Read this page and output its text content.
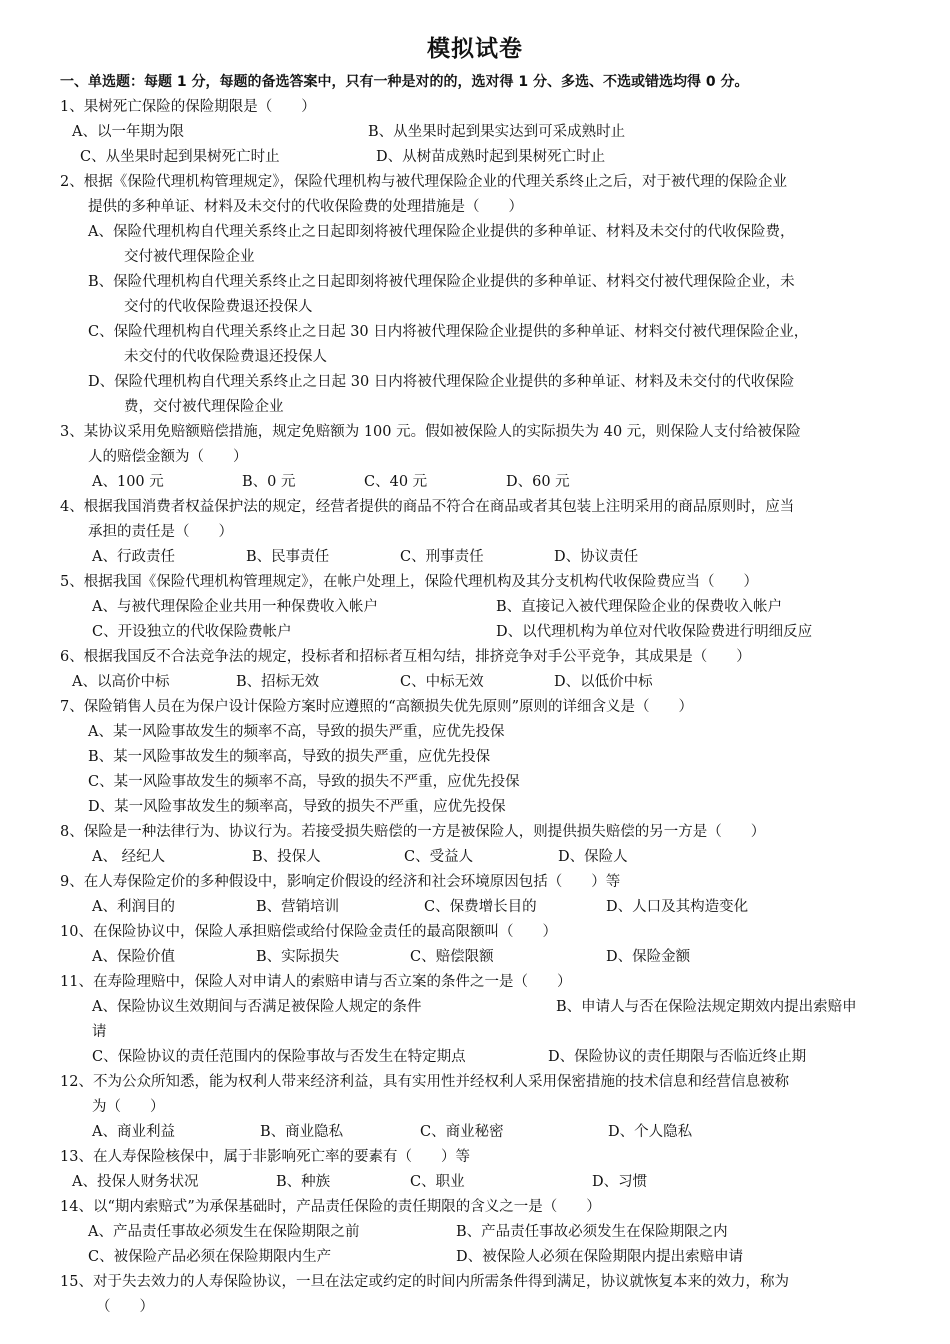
模拟试卷
一、单选题：每题 1 分，每题的备选答案中，只有一种是对的的，选对得 1 分、多选、不选或错选均得 0 分。
1、果树死亡保险的保险期限是（　　）
A、以一年期为限	B、从坐果时起到果实达到可采成熟时止
C、从坐果时起到果树死亡时止	D、从树苗成熟时起到果树死亡时止
2、根据《保险代理机构管理规定》，保险代理机构与被代理保险企业的代理关系终止之后，对于被代理的保险企业
提供的多种单证、材料及未交付的代收保险费的处理措施是（　　）
A、保险代理机构自代理关系终止之日起即刻将被代理保险企业提供的多种单证、材料及未交付的代收保险费，
交付被代理保险企业
B、保险代理机构自代理关系终止之日起即刻将被代理保险企业提供的多种单证、材料交付被代理保险企业，未
交付的代收保险费退还投保人
C、保险代理机构自代理关系终止之日起 30 日内将被代理保险企业提供的多种单证、材料交付被代理保险企业，
未交付的代收保险费退还投保人
D、保险代理机构自代理关系终止之日起 30 日内将被代理保险企业提供的多种单证、材料及未交付的代收保险
费，交付被代理保险企业
3、某协议采用免赔额赔偿措施，规定免赔额为 100 元。假如被保险人的实际损失为 40 元，则保险人支付给被保险
人的赔偿金额为（　　）
A、100 元	B、0 元	C、40 元	D、60 元
4、根据我国消费者权益保护法的规定，经营者提供的商品不符合在商品或者其包装上注明采用的商品原则时，应当
承担的责任是（　　）
A、行政责任	B、民事责任	C、刑事责任	D、协议责任
5、根据我国《保险代理机构管理规定》，在帐户处理上，保险代理机构及其分支机构代收保险费应当（　　）
A、与被代理保险企业共用一种保费收入帐户	B、直接记入被代理保险企业的保费收入帐户
C、开设独立的代收保险费帐户	D、以代理机构为单位对代收保险费进行明细反应
6、根据我国反不合法竞争法的规定，投标者和招标者互相勾结，排挤竞争对手公平竞争，其成果是（　　）
A、以高价中标	B、招标无效	C、中标无效	D、以低价中标
7、保险销售人员在为保户设计保险方案时应遵照的“高额损失优先原则”原则的详细含义是（　　）
A、某一风险事故发生的频率不高，导致的损失严重，应优先投保
B、某一风险事故发生的频率高，导致的损失严重，应优先投保
C、某一风险事故发生的频率不高，导致的损失不严重，应优先投保
D、某一风险事故发生的频率高，导致的损失不严重，应优先投保
8、保险是一种法律行为、协议行为。若接受损失赔偿的一方是被保险人，则提供损失赔偿的另一方是（　　）
A、 经纪人	B、投保人	C、受益人	D、保险人
9、在人寿保险定价的多种假设中，影响定价假设的经济和社会环境原因包括（　　）等
A、利润目的	B、营销培训	C、保费增长目的	D、人口及其构造变化
10、在保险协议中，保险人承担赔偿或给付保险金责任的最高限额叫（　　）
A、保险价值	B、实际损失	C、赔偿限额	D、保险金额
11、在寿险理赔中，保险人对申请人的索赔申请与否立案的条件之一是（　　）
A、保险协议生效期间与否满足被保险人规定的条件	B、申请人与否在保险法规定期效内提出索赔申
请
C、保险协议的责任范围内的保险事故与否发生在特定期点	D、保险协议的责任期限与否临近终止期
12、不为公众所知悉，能为权利人带来经济利益，具有实用性并经权利人采用保密措施的技术信息和经营信息被称
为（　　）
A、商业利益	B、商业隐私	C、商业秘密	D、个人隐私
13、在人寿保险核保中，属于非影响死亡率的要素有（　　）等
A、投保人财务状况	B、种族	C、职业	D、习惯
14、以“期内索赔式”为承保基础时，产品责任保险的责任期限的含义之一是（　　）
A、产品责任事故必须发生在保险期限之前	B、产品责任事故必须发生在保险期限之内
C、被保险产品必须在保险期限内生产	D、被保险人必须在保险期限内提出索赔申请
15、对于失去效力的人寿保险协议，一旦在法定或约定的时间内所需条件得到满足，协议就恢复本来的效力，称为
（　　）
